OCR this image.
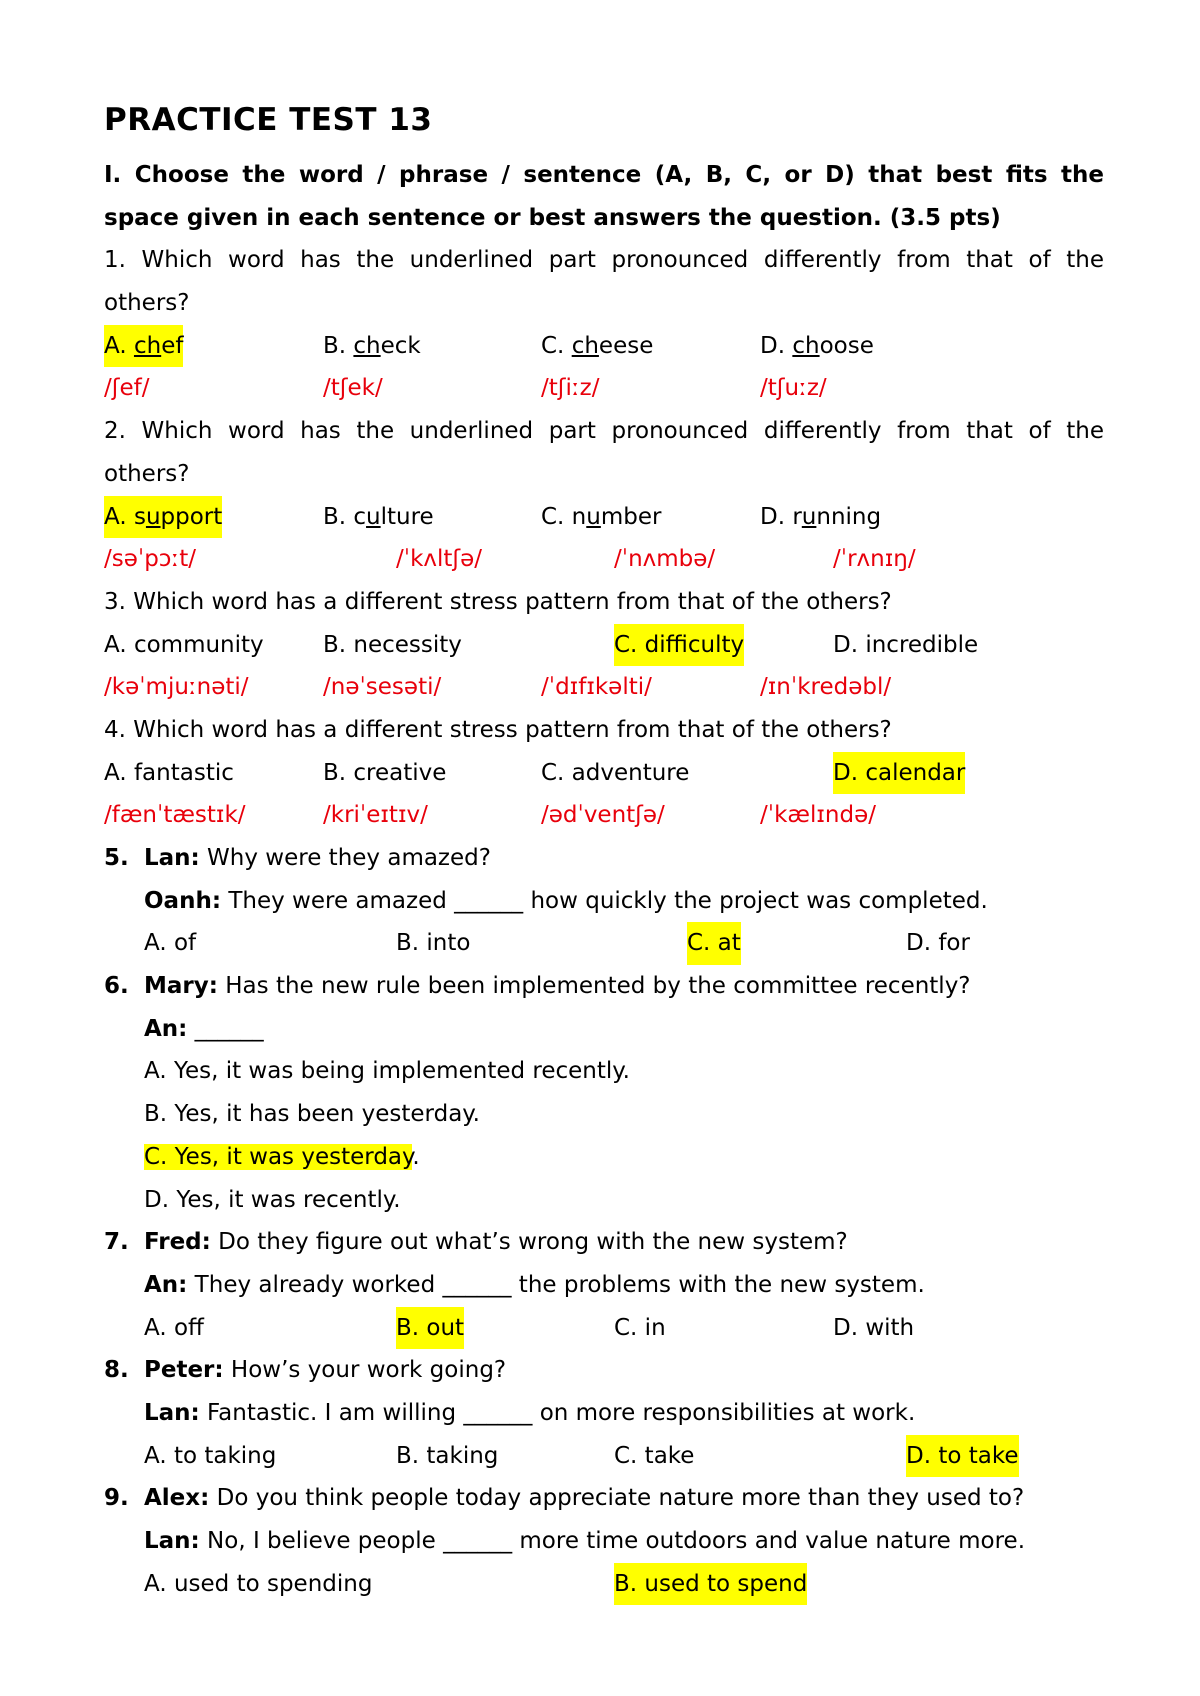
PRACTICE TEST 13
I. Choose the word / phrase / sentence (A, B, C, or D) that best fits the
space given in each sentence or best answers the question. (3.5 pts)
1. Which word has the underlined part pronounced differently from that of the
others?
A. chef	B. check	C. cheese	D. choose
/ʃef/	/tʃek/	/tʃiːz/	/tʃuːz/
2. Which word has the underlined part pronounced differently from that of the
others?
A. support	B. culture	C. number	D. running
/səˈpɔːt/	/ˈkʌltʃə/	/ˈnʌmbə/	/ˈrʌnɪŋ/
3. Which word has a different stress pattern from that of the others?
A. community	B. necessity	C. difficulty	D. incredible
/kəˈmjuːnəti/	/nəˈsesəti/	/ˈdɪfɪkəlti/	/ɪnˈkredəbl/
4. Which word has a different stress pattern from that of the others?
A. fantastic	B. creative	C. adventure	D. calendar
/fænˈtæstɪk/	/kriˈeɪtɪv/	/ədˈventʃə/	/ˈkælɪndə/
5. Lan: Why were they amazed?
Oanh: They were amazed ______ how quickly the project was completed.
A. of	B. into	C. at	D. for
6. Mary: Has the new rule been implemented by the committee recently?
An: ______
A. Yes, it was being implemented recently.
B. Yes, it has been yesterday.
C. Yes, it was yesterday.
D. Yes, it was recently.
7. Fred: Do they figure out what’s wrong with the new system?
An: They already worked ______ the problems with the new system.
A. off	B. out	C. in	D. with
8. Peter: How’s your work going?
Lan: Fantastic. I am willing ______ on more responsibilities at work.
A. to taking	B. taking	C. take	D. to take
9. Alex: Do you think people today appreciate nature more than they used to?
Lan: No, I believe people ______ more time outdoors and value nature more.
A. used to spending	B. used to spend
